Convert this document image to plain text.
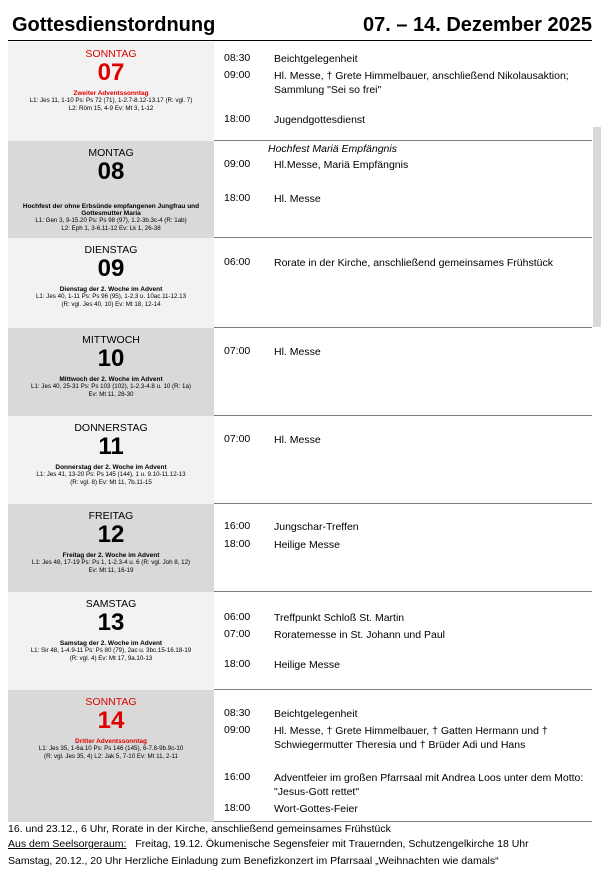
Gottesdienstordnung	07. – 14. Dezember 2025
SONNTAG
07
Zweiter Adventssonntag
L1: Jes 11, 1-10 Ps: Ps 72 (71), 1-2.7-8.12-13.17 (R: vgl. 7)
L2: Röm 15, 4-9 Ev: Mt 3, 1-12
08:30	Beichtgelegenheit
09:00	Hl. Messe, † Grete Himmelbauer, anschließend Nikolausaktion; Sammlung "Sei so frei"
18:00	Jugendgottesdienst
MONTAG
08
Hochfest der ohne Erbsünde empfangenen Jungfrau und Gottesmutter Maria
L1: Gen 3, 9-15.20 Ps: Ps 98 (97), 1.2-3b.3c-4 (R: 1ab)
L2: Eph 1, 3-6.11-12 Ev: Lk 1, 26-38
Hochfest Mariä Empfängnis
09:00	Hl.Messe, Mariä Empfängnis
18:00	Hl. Messe
DIENSTAG
09
Dienstag der 2. Woche im Advent
L1: Jes 40, 1-11 Ps: Ps 96 (95), 1-2.3 u. 10ac.11-12.13
(R: vgl. Jes 40, 10) Ev: Mt 18, 12-14
06:00	Rorate in der Kirche, anschließend gemeinsames Frühstück
MITTWOCH
10
Mittwoch der 2. Woche im Advent
L1: Jes 40, 25-31 Ps: Ps 103 (102), 1-2.3-4.8 u. 10 (R: 1a)
Ev: Mt 11, 28-30
07:00	Hl. Messe
DONNERSTAG
11
Donnerstag der 2. Woche im Advent
L1: Jes 41, 13-20 Ps: Ps 145 (144), 1 u. 9.10-11.12-13
(R: vgl. 8) Ev: Mt 11, 7b.11-15
07:00	Hl. Messe
FREITAG
12
Freitag der 2. Woche im Advent
L1: Jes 48, 17-19 Ps: Ps 1, 1-2.3-4 u. 6 (R: vgl. Joh 8, 12)
Ev: Mt 11, 16-19
16:00	Jungschar-Treffen
18:00	Heilige Messe
SAMSTAG
13
Samstag der 2. Woche im Advent
L1: Sir 48, 1-4.9-11 Ps: Ps 80 (79), 2ac u. 3bc.15-16.18-19
(R: vgl. 4) Ev: Mt 17, 9a.10-13
06:00	Treffpunkt Schloß St. Martin
07:00	Roratemesse in St. Johann und Paul
18:00	Heilige Messe
SONNTAG
14
Dritter Adventssonntag
L1: Jes 35, 1-6a.10 Ps: Ps 146 (145), 6-7.8-9b.9c-10
(R: vgl. Jes 35, 4) L2: Jak 5, 7-10 Ev: Mt 11, 2-11
08:30	Beichtgelegenheit
09:00	Hl. Messe, † Grete Himmelbauer, † Gatten Hermann und † Schwiegermutter Theresia und † Brüder Adi und Hans
16:00	Adventfeier im großen Pfarrsaal mit Andrea Loos unter dem Motto: "Jesus-Gott rettet"
18:00	Wort-Gottes-Feier
16. und 23.12., 6 Uhr, Rorate in der Kirche, anschließend gemeinsames Frühstück
Aus dem Seelsorgeraum: Freitag, 19.12. Ökumenische Segensfeier mit Trauernden, Schutzengelkirche 18 Uhr
Samstag, 20.12., 20 Uhr Herzliche Einladung zum Benefizkonzert im Pfarrsaal „Weihnachten wie damals“
